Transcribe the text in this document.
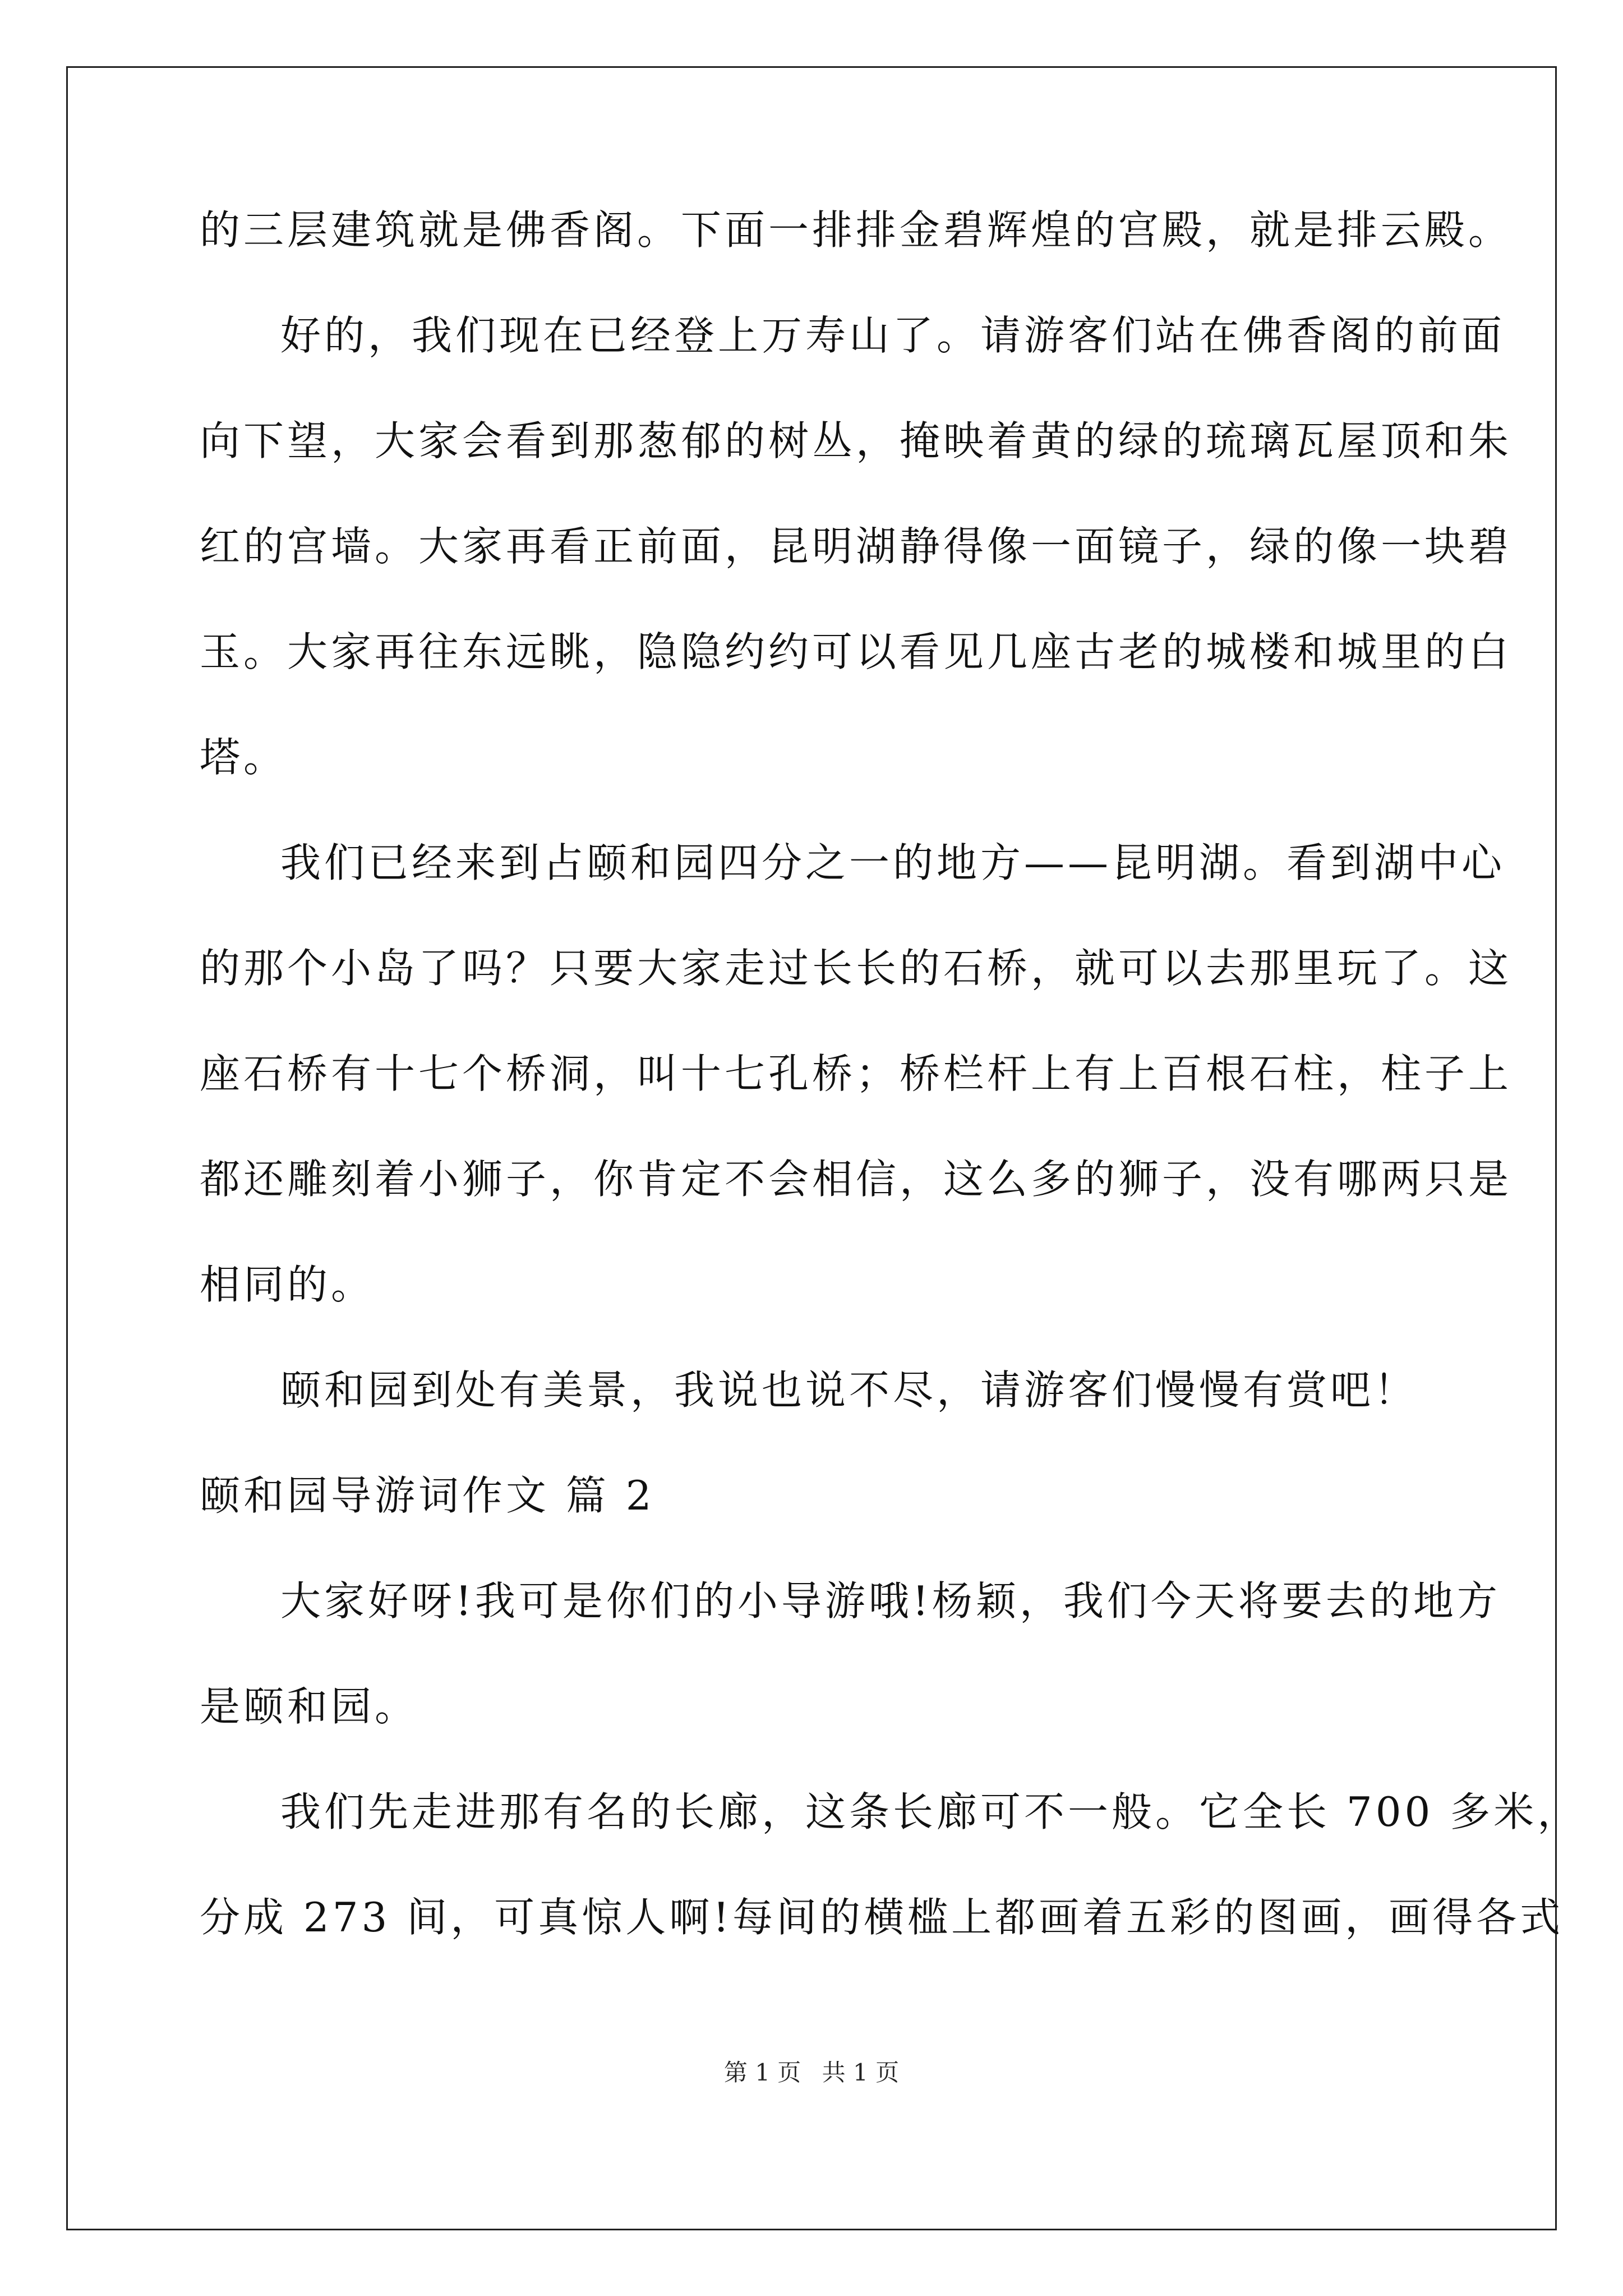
的三层建筑就是佛香阁。下面一排排金碧辉煌的宫殿，就是排云殿。
好的，我们现在已经登上万寿山了。请游客们站在佛香阁的前面
向下望，大家会看到那葱郁的树丛，掩映着黄的绿的琉璃瓦屋顶和朱
红的宫墙。大家再看正前面，昆明湖静得像一面镜子，绿的像一块碧
玉。大家再往东远眺，隐隐约约可以看见几座古老的城楼和城里的白
塔。
我们已经来到占颐和园四分之一的地方——昆明湖。看到湖中心
的那个小岛了吗？只要大家走过长长的石桥，就可以去那里玩了。这
座石桥有十七个桥洞，叫十七孔桥；桥栏杆上有上百根石柱，柱子上
都还雕刻着小狮子，你肯定不会相信，这么多的狮子，没有哪两只是
相同的。
颐和园到处有美景，我说也说不尽，请游客们慢慢有赏吧！
颐和园导游词作文 篇 2
大家好呀!我可是你们的小导游哦!杨颖，我们今天将要去的地方
是颐和园。
我们先走进那有名的长廊，这条长廊可不一般。它全长 700 多米，
分成 273 间，可真惊人啊!每间的横槛上都画着五彩的图画，画得各式
第 1 页 共 1 页
